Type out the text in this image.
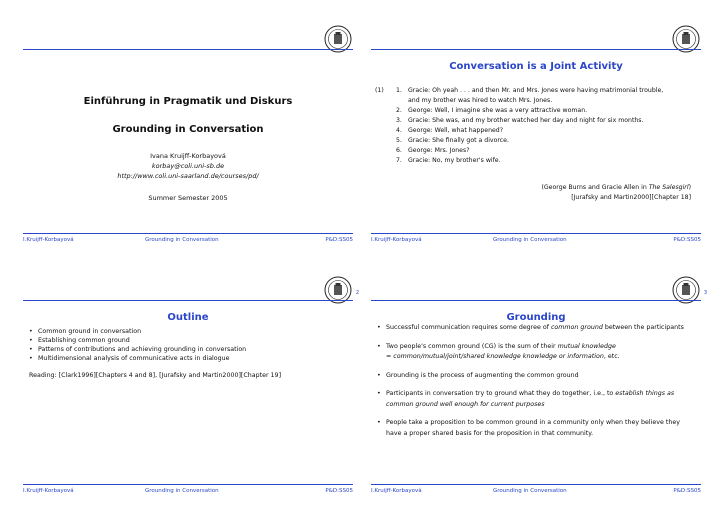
Einführung in Pragmatik und Diskurs
Grounding in Conversation
Ivana Kruijff-Korbayová
korbay@coli.uni-sb.de
http://www.coli.uni-saarland.de/courses/pd/
Summer Semester 2005
I.Kruijff-Korbayová	Grounding in Conversation	P&D:SS05
Conversation is a Joint Activity
(1) 1. Gracie: Oh yeah . . . and then Mr. and Mrs. Jones were having matrimonial trouble, and my brother was hired to watch Mrs. Jones.
2. George: Well, I imagine she was a very attractive woman.
3. Gracie: She was, and my brother watched her day and night for six months.
4. George: Well, what happened?
5. Gracie: She finally got a divorce.
6. George: Mrs. Jones?
7. Gracie: No, my brother's wife.
(George Burns and Gracie Allen in The Salesgirl)
[Jurafsky and Martin2000][Chapter 18]
I.Kruijff-Korbayová	Grounding in Conversation	P&D:SS05
2
Outline
• Common ground in conversation
• Establishing common ground
• Patterns of contributions and achieving grounding in conversation
• Multidimensional analysis of communicative acts in dialogue
Reading: [Clark1996][Chapters 4 and 8], [Jurafsky and Martin2000][Chapter 19]
I.Kruijff-Korbayová	Grounding in Conversation	P&D:SS05
3
Grounding
• Successful communication requires some degree of common ground between the participants
• Two people's common ground (CG) is the sum of their mutual knowledge
= common/mutual/joint/shared knowledge knowledge or information, etc.
• Grounding is the process of augmenting the common ground
• Participants in conversation try to ground what they do together, i.e., to establish things as common ground well enough for current purposes
• People take a proposition to be common ground in a community only when they believe they have a proper shared basis for the proposition in that community.
I.Kruijff-Korbayová	Grounding in Conversation	P&D:SS05
